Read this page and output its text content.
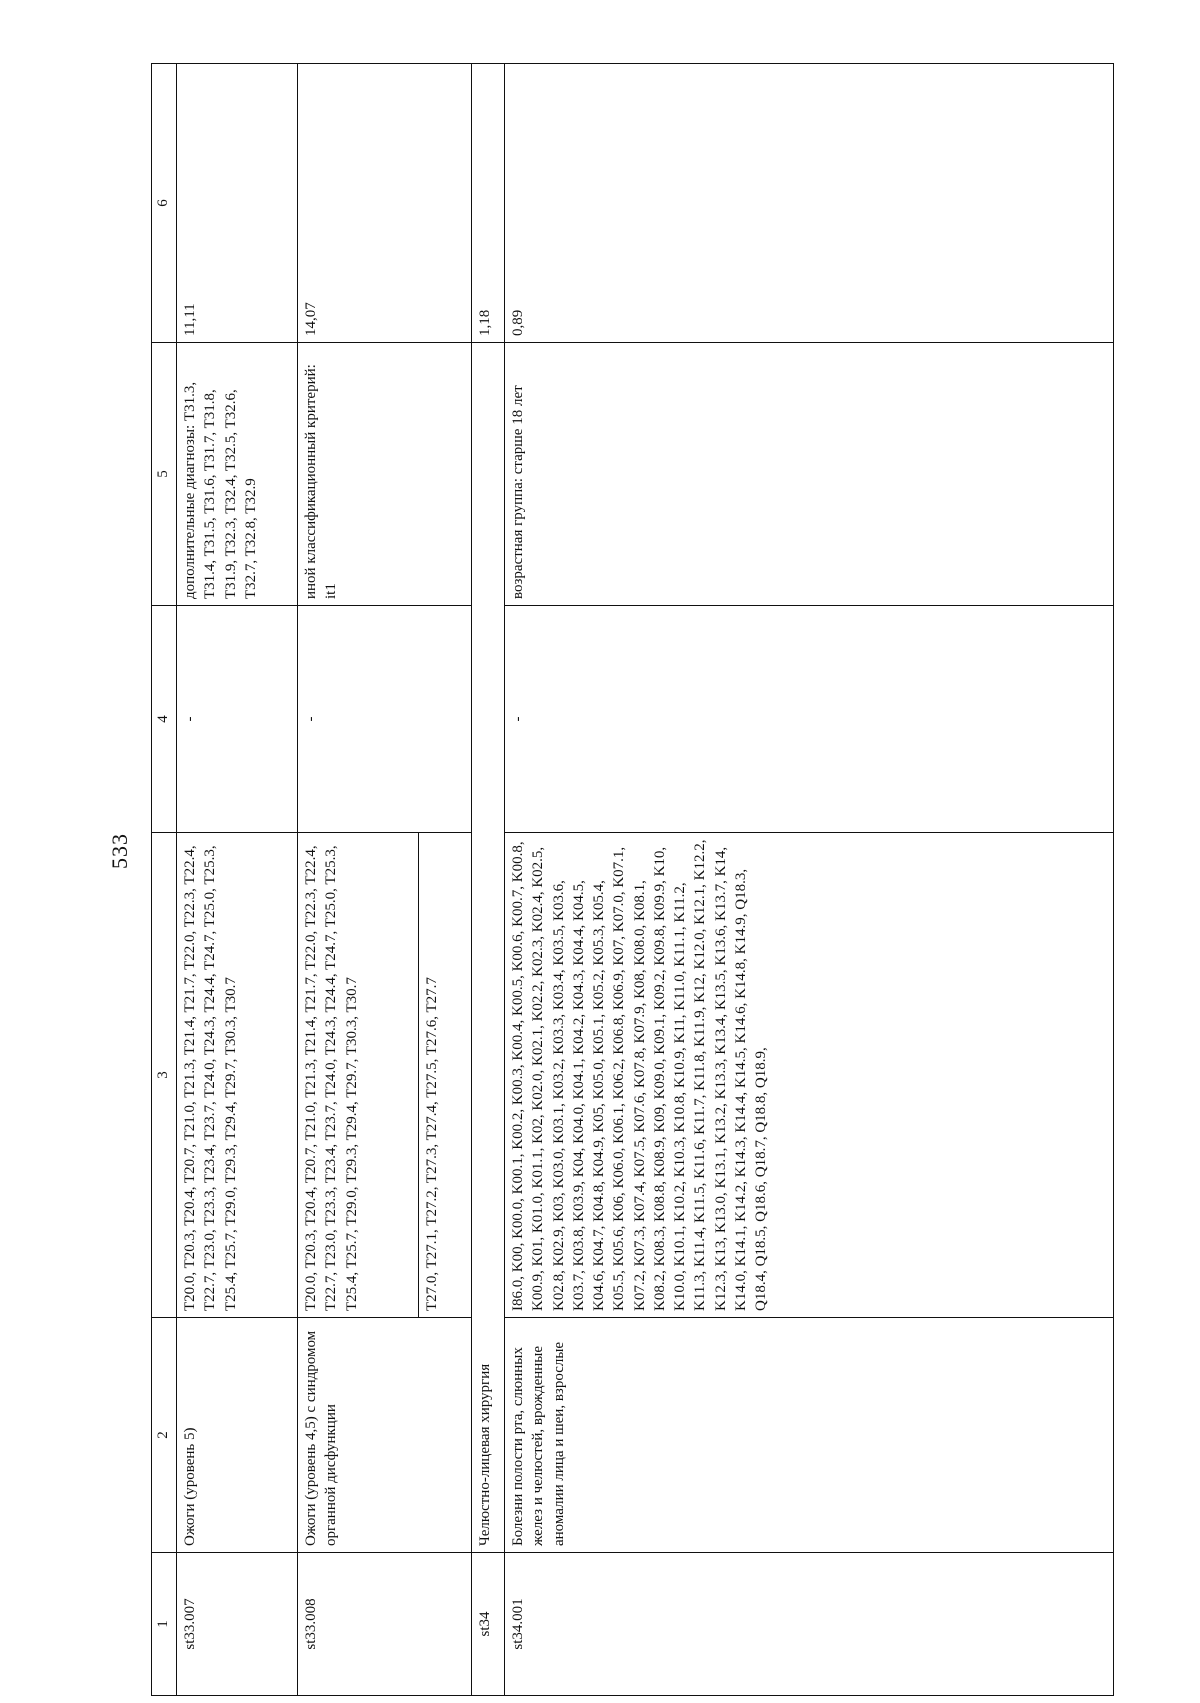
533
1	2	3	4	5	6
st33.007	Ожоги (уровень 5)	T20.0, T20.3, T20.4, T20.7, T21.0, T21.3, T21.4, T21.7, T22.0, T22.3, T22.4, T22.7, T23.0, T23.3, T23.4, T23.7, T24.0, T24.3, T24.4, T24.7, T25.0, T25.3, T25.4, T25.7, T29.0, T29.3, T29.4, T29.7, T30.3, T30.7	-	дополнительные диагнозы: T31.3, T31.4, T31.5, T31.6, T31.7, T31.8, T31.9, T32.3, T32.4, T32.5, T32.6, T32.7, T32.8, T32.9	11,11
st33.008	Ожоги (уровень 4,5) с синдромом органной дисфункции	T20.0, T20.3, T20.4, T20.7, T21.0, T21.3, T21.4, T21.7, T22.0, T22.3, T22.4, T22.7, T23.0, T23.3, T23.4, T23.7, T24.0, T24.3, T24.4, T24.7, T25.0, T25.3, T25.4, T25.7, T29.0, T29.3, T29.4, T29.7, T30.3, T30.7	-	иной классификационный критерий: it1	14,07
		T27.0, T27.1, T27.2, T27.3, T27.4, T27.5, T27.6, T27.7			
st34	Челюстно-лицевая хирургия				1,18
st34.001	Болезни полости рта, слюнных желез и челюстей, врожденные аномалии лица и шеи, взрослые	I86.0, K00, K00.0, K00.1, K00.2, K00.3, K00.4, K00.5, K00.6, K00.7, K00.8, K00.9, K01, K01.0, K01.1, K02, K02.0, K02.1, K02.2, K02.3, K02.4, K02.5, K02.8, K02.9, K03, K03.0, K03.1, K03.2, K03.3, K03.4, K03.5, K03.6, K03.7, K03.8, K03.9, K04, K04.0, K04.1, K04.2, K04.3, K04.4, K04.5, K04.6, K04.7, K04.8, K04.9, K05, K05.0, K05.1, K05.2, K05.3, K05.4, K05.5, K05.6, K06, K06.0, K06.1, K06.2, K06.8, K06.9, K07, K07.0, K07.1, K07.2, K07.3, K07.4, K07.5, K07.6, K07.8, K07.9, K08, K08.0, K08.1, K08.2, K08.3, K08.8, K08.9, K09, K09.0, K09.1, K09.2, K09.8, K09.9, K10, K10.0, K10.1, K10.2, K10.3, K10.8, K10.9, K11, K11.0, K11.1, K11.2, K11.3, K11.4, K11.5, K11.6, K11.7, K11.8, K11.9, K12, K12.0, K12.1, K12.2, K12.3, K13, K13.0, K13.1, K13.2, K13.3, K13.4, K13.5, K13.6, K13.7, K14, K14.0, K14.1, K14.2, K14.3, K14.4, K14.5, K14.6, K14.8, K14.9, Q18.3, Q18.4, Q18.5, Q18.6, Q18.7, Q18.8, Q18.9,	-	возрастная группа: старше 18 лет	0,89
